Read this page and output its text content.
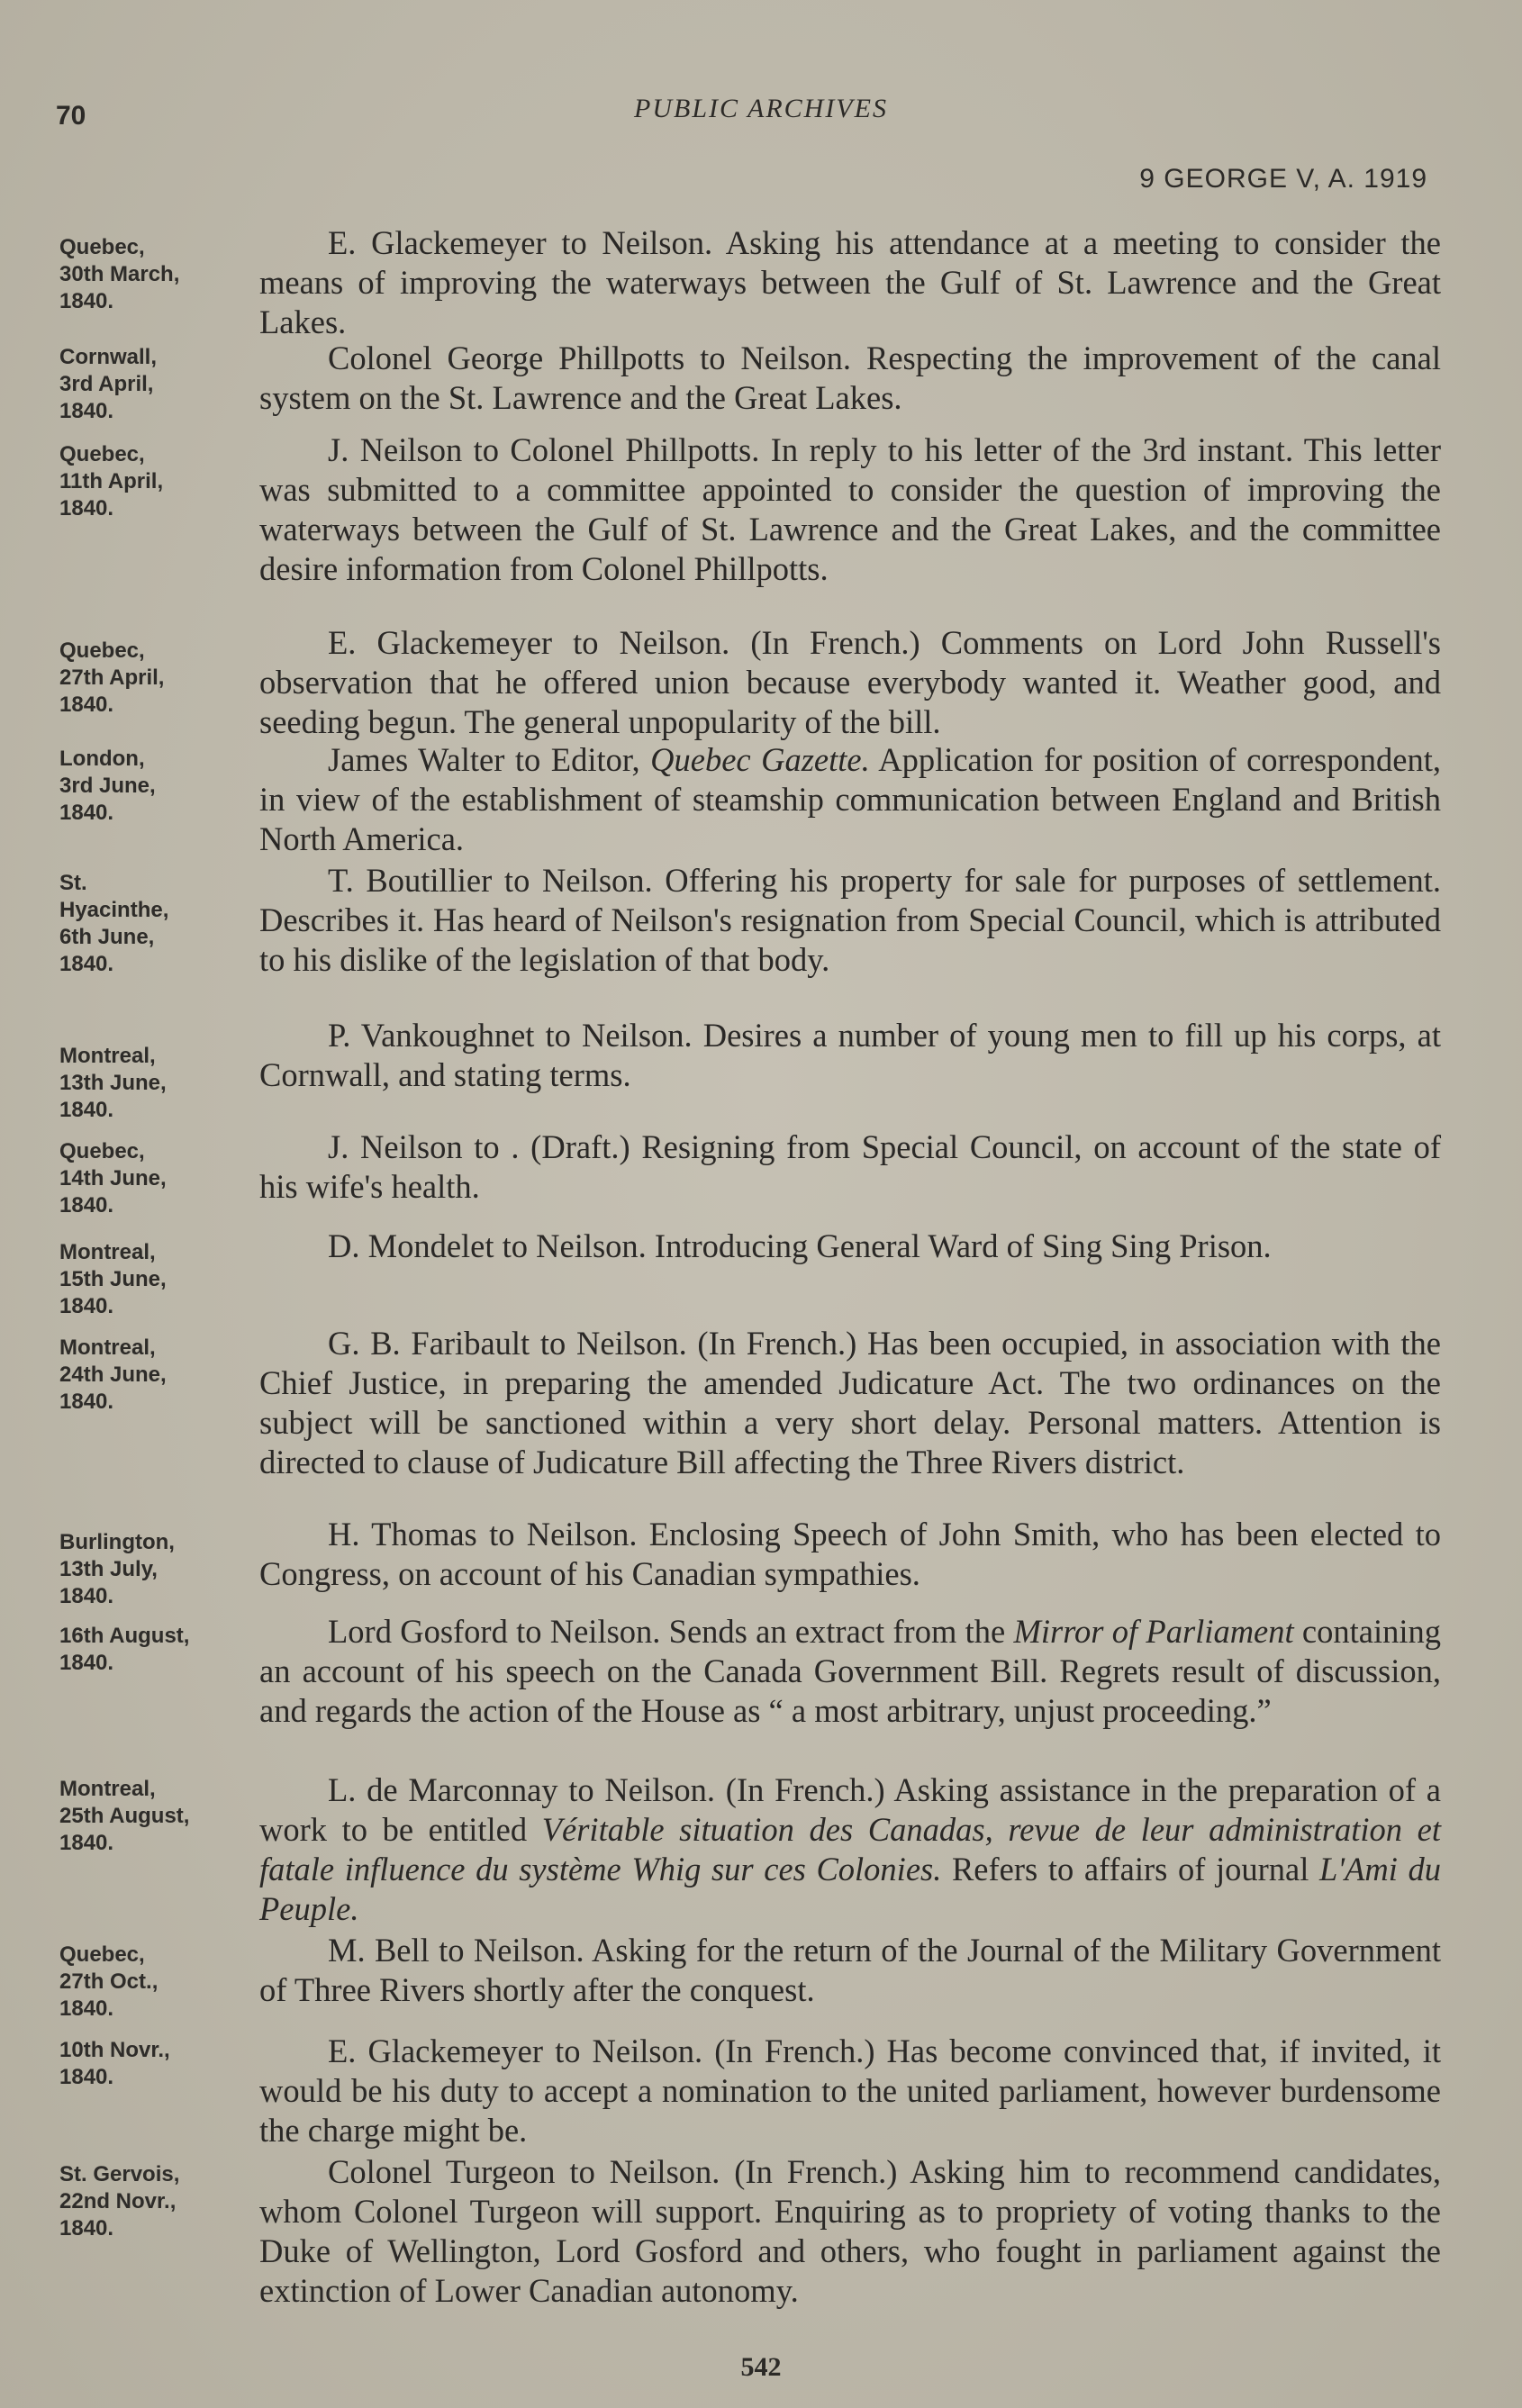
70	PUBLIC ARCHIVES
9 GEORGE V, A. 1919
Quebec,
30th March,
1840.
E. Glackemeyer to Neilson. Asking his attendance at a meeting to consider the means of improving the waterways between the Gulf of St. Lawrence and the Great Lakes.
Cornwall,
3rd April,
1840.
Colonel George Phillpotts to Neilson. Respecting the improvement of the canal system on the St. Lawrence and the Great Lakes.
Quebec,
11th April,
1840.
J. Neilson to Colonel Phillpotts. In reply to his letter of the 3rd instant. This letter was submitted to a committee appointed to consider the question of improving the waterways between the Gulf of St. Lawrence and the Great Lakes, and the committee desire information from Colonel Phillpotts.
Quebec,
27th April,
1840.
E. Glackemeyer to Neilson. (In French.) Comments on Lord John Russell's observation that he offered union because everybody wanted it. Weather good, and seeding begun. The general unpopularity of the bill.
London,
3rd June,
1840.
James Walter to Editor, Quebec Gazette. Application for position of correspondent, in view of the establishment of steamship communication between England and British North America.
St.
Hyacinthe,
6th June,
1840.
T. Boutillier to Neilson. Offering his property for sale for purposes of settlement. Describes it. Has heard of Neilson's resignation from Special Council, which is attributed to his dislike of the legislation of that body.
Montreal,
13th June,
1840.
P. Vankoughnet to Neilson. Desires a number of young men to fill up his corps, at Cornwall, and stating terms.
Quebec,
14th June,
1840.
J. Neilson to . (Draft.) Resigning from Special Council, on account of the state of his wife's health.
Montreal,
15th June,
1840.
D. Mondelet to Neilson. Introducing General Ward of Sing Sing Prison.
Montreal,
24th June,
1840.
G. B. Faribault to Neilson. (In French.) Has been occupied, in association with the Chief Justice, in preparing the amended Judicature Act. The two ordinances on the subject will be sanctioned within a very short delay. Personal matters. Attention is directed to clause of Judicature Bill affecting the Three Rivers district.
Burlington,
13th July,
1840.
H. Thomas to Neilson. Enclosing Speech of John Smith, who has been elected to Congress, on account of his Canadian sympathies.
16th August,
1840.
Lord Gosford to Neilson. Sends an extract from the Mirror of Parliament containing an account of his speech on the Canada Government Bill. Regrets result of discussion, and regards the action of the House as “ a most arbitrary, unjust proceeding.”
Montreal,
25th August,
1840.
L. de Marconnay to Neilson. (In French.) Asking assistance in the preparation of a work to be entitled Véritable situation des Canadas, revue de leur administration et fatale influence du système Whig sur ces Colonies. Refers to affairs of journal L'Ami du Peuple.
Quebec,
27th Oct.,
1840.
M. Bell to Neilson. Asking for the return of the Journal of the Military Government of Three Rivers shortly after the conquest.
10th Novr.,
1840.
E. Glackemeyer to Neilson. (In French.) Has become convinced that, if invited, it would be his duty to accept a nomination to the united parliament, however burdensome the charge might be.
St. Gervois,
22nd Novr.,
1840.
Colonel Turgeon to Neilson. (In French.) Asking him to recommend candidates, whom Colonel Turgeon will support. Enquiring as to propriety of voting thanks to the Duke of Wellington, Lord Gosford and others, who fought in parliament against the extinction of Lower Canadian autonomy.
542
